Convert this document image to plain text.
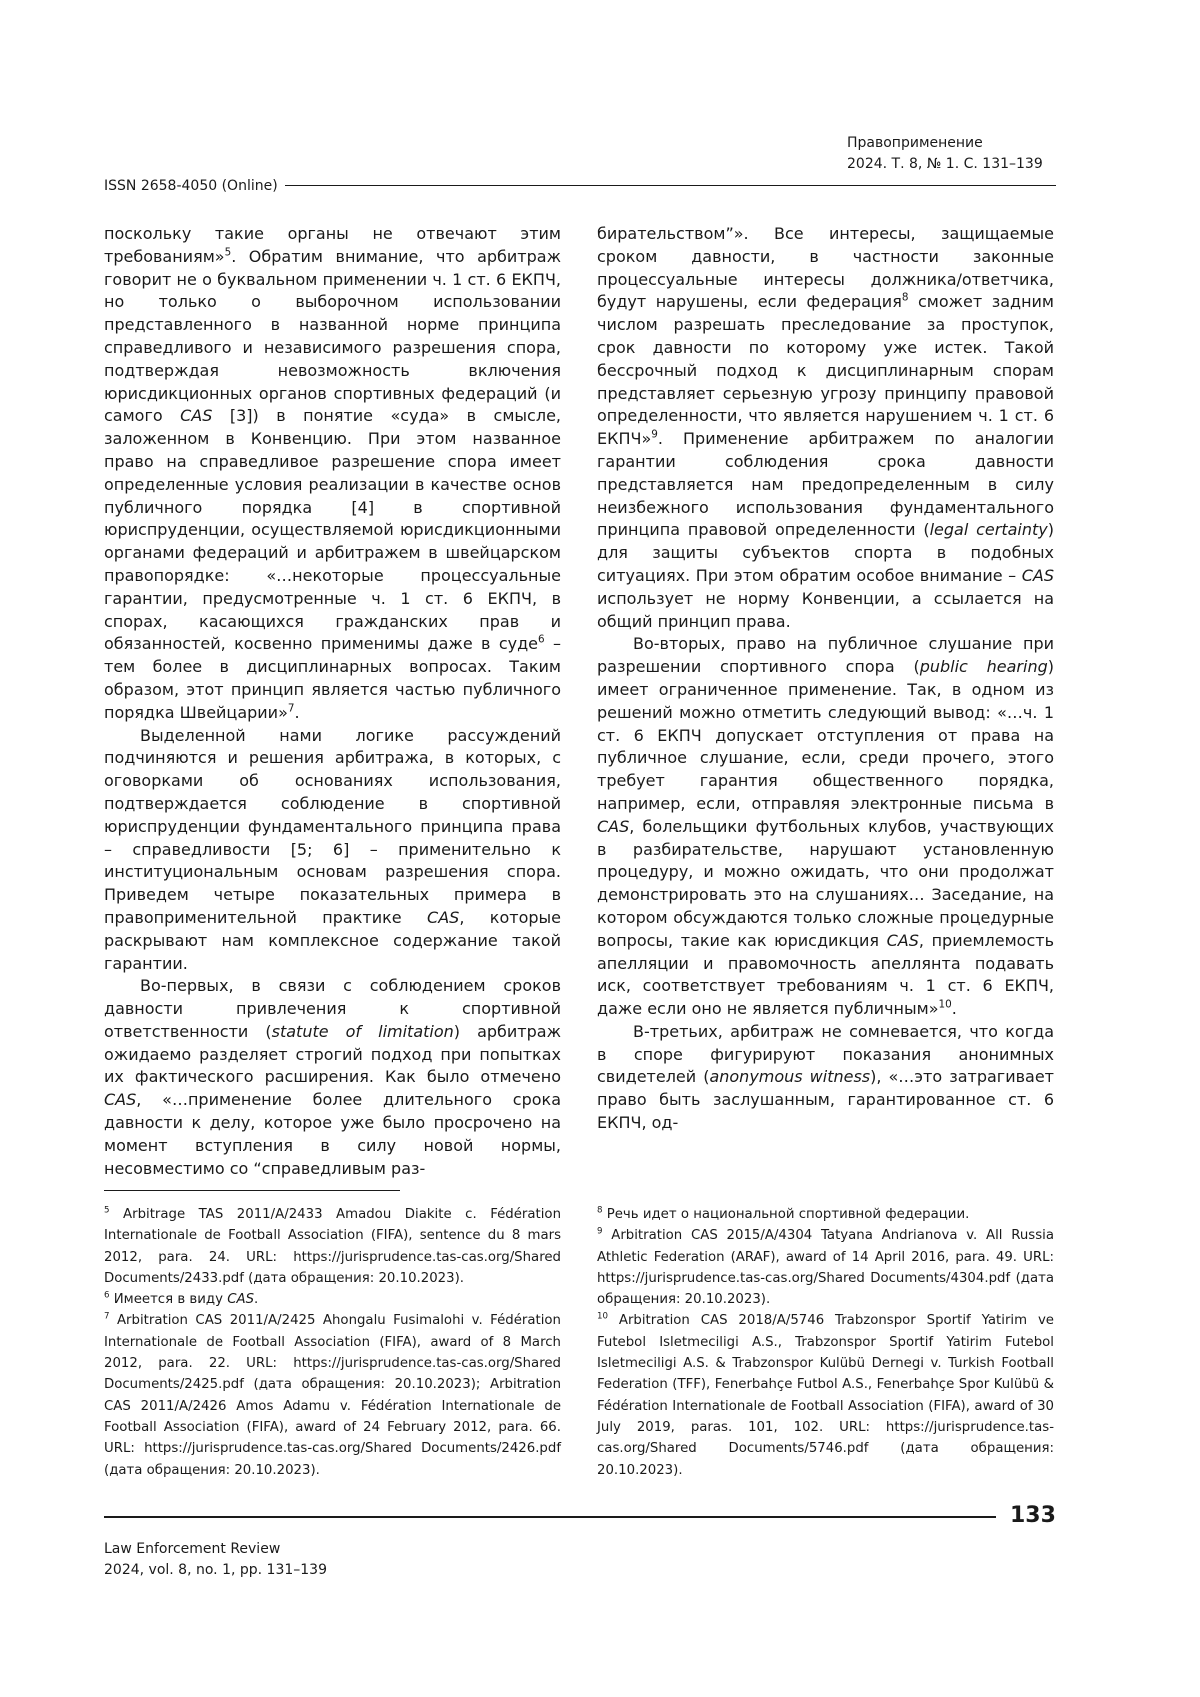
Правоприменение
2024. Т. 8, № 1. С. 131–139
ISSN 2658-4050 (Online)

поскольку такие органы не отвечают этим требованиям»$^5$. Обратим внимание, что арбитраж говорит не о буквальном применении ч. 1 ст. 6 ЕКПЧ, но только о выборочном использовании представленного в названной норме принципа справедливого и независимого разрешения спора, подтверждая невозможность включения юрисдикционных органов спортивных федераций (и самого CAS [3]) в понятие «суда» в смысле, заложенном в Конвенцию. При этом названное право на справедливое разрешение спора имеет определенные условия реализации в качестве основ публичного порядка [4] в спортивной юриспруденции, осуществляемой юрисдикционными органами федераций и арбитражем в швейцарском правопорядке: «…некоторые процессуальные гарантии, предусмотренные ч. 1 ст. 6 ЕКПЧ, в спорах, касающихся гражданских прав и обязанностей, косвенно применимы даже в суде$^6$ – тем более в дисциплинарных вопросах. Таким образом, этот принцип является частью публичного порядка Швейцарии»$^7$.

Выделенной нами логике рассуждений подчиняются и решения арбитража, в которых, с оговорками об основаниях использования, подтверждается соблюдение в спортивной юриспруденции фундаментального принципа права – справедливости [5; 6] – применительно к институциональным основам разрешения спора. Приведем четыре показательных примера в правоприменительной практике CAS, которые раскрывают нам комплексное содержание такой гарантии.

Во-первых, в связи с соблюдением сроков давности привлечения к спортивной ответственности (statute of limitation) арбитраж ожидаемо разделяет строгий подход при попытках их фактического расширения. Как было отмечено CAS, «…применение более длительного срока давности к делу, которое уже было просрочено на момент вступления в силу новой нормы, несовместимо со “справедливым раз-

бирательством”». Все интересы, защищаемые сроком давности, в частности законные процессуальные интересы должника/ответчика, будут нарушены, если федерация$^8$ сможет задним числом разрешать преследование за проступок, срок давности по которому уже истек. Такой бессрочный подход к дисциплинарным спорам представляет серьезную угрозу принципу правовой определенности, что является нарушением ч. 1 ст. 6 ЕКПЧ»$^9$. Применение арбитражем по аналогии гарантии соблюдения срока давности представляется нам предопределенным в силу неизбежного использования фундаментального принципа правовой определенности (legal certainty) для защиты субъектов спорта в подобных ситуациях. При этом обратим особое внимание – CAS использует не норму Конвенции, а ссылается на общий принцип права.

Во-вторых, право на публичное слушание при разрешении спортивного спора (public hearing) имеет ограниченное применение. Так, в одном из решений можно отметить следующий вывод: «…ч. 1 ст. 6 ЕКПЧ допускает отступления от права на публичное слушание, если, среди прочего, этого требует гарантия общественного порядка, например, если, отправляя электронные письма в CAS, болельщики футбольных клубов, участвующих в разбирательстве, нарушают установленную процедуру, и можно ожидать, что они продолжат демонстрировать это на слушаниях… Заседание, на котором обсуждаются только сложные процедурные вопросы, такие как юрисдикция CAS, приемлемость апелляции и правомочность апеллянта подавать иск, соответствует требованиям ч. 1 ст. 6 ЕКПЧ, даже если оно не является публичным»$^{10}$.

В-третьих, арбитраж не сомневается, что когда в споре фигурируют показания анонимных свидетелей (anonymous witness), «…это затрагивает право быть заслушанным, гарантированное ст. 6 ЕКПЧ, од-

$^5$ Arbitrage TAS 2011/A/2433 Amadou Diakite c. Fédération Internationale de Football Association (FIFA), sentence du 8 mars 2012, para. 24. URL: https://jurisprudence.tas-cas.org/Shared Documents/2433.pdf (дата обращения: 20.10.2023).

$^6$ Имеется в виду CAS.

$^7$ Arbitration CAS 2011/A/2425 Ahongalu Fusimalohi v. Fédération Internationale de Football Association (FIFA), award of 8 March 2012, para. 22. URL: https://jurisprudence.tas-cas.org/Shared Documents/2425.pdf (дата обращения: 20.10.2023); Arbitration CAS 2011/A/2426 Amos Adamu v. Fédération Internationale de Football Association (FIFA), award of 24 February 2012, para. 66. URL: https://jurisprudence.tas-cas.org/Shared Documents/2426.pdf (дата обращения: 20.10.2023).

$^8$ Речь идет о национальной спортивной федерации.

$^9$ Arbitration CAS 2015/A/4304 Tatyana Andrianova v. All Russia Athletic Federation (ARAF), award of 14 April 2016, para. 49. URL: https://jurisprudence.tas-cas.org/Shared Documents/4304.pdf (дата обращения: 20.10.2023).

$^{10}$ Arbitration CAS 2018/A/5746 Trabzonspor Sportif Yatirim ve Futebol Isletmeciligi A.S., Trabzonspor Sportif Yatirim Futebol Isletmeciligi A.S. & Trabzonspor Kulübü Dernegi v. Turkish Football Federation (TFF), Fenerbahçe Futbol A.S., Fenerbahçe Spor Kulübü & Fédération Internationale de Football Association (FIFA), award of 30 July 2019, paras. 101, 102. URL: https://jurisprudence.tas-cas.org/Shared Documents/5746.pdf (дата обращения: 20.10.2023).

133
Law Enforcement Review
2024, vol. 8, no. 1, pp. 131–139
